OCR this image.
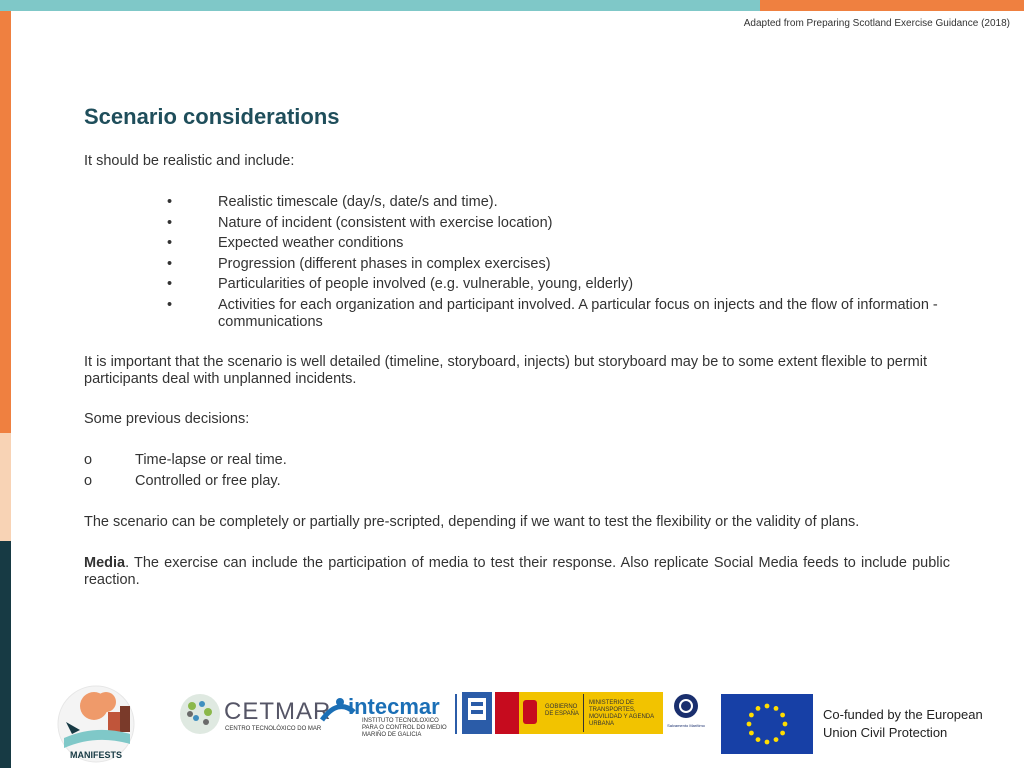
Adapted from Preparing Scotland Exercise Guidance (2018)
Scenario considerations

It should be realistic and include:

•	Realistic timescale (day/s, date/s and time).
•	Nature of incident (consistent with exercise location)
•	Expected weather conditions
•	Progression (different phases in complex exercises)
•	Particularities of people involved (e.g. vulnerable, young, elderly)
•	Activities for each organization and participant involved. A particular focus on injects and the flow of information -communications

It is important that the scenario is well detailed (timeline, storyboard, injects) but storyboard may be to some extent flexible to permit participants deal with unplanned incidents.

Some previous decisions:

o	Time-lapse or real time.
o	Controlled or free play.

The scenario can be completely or partially pre-scripted, depending if we want to test the flexibility or the validity of plans.

Media. The exercise can include the participation of media to test their response. Also replicate Social Media feeds to include public reaction.

MANIFESTS
CETMAR
CENTRO TECNOLÓXICO DO MAR
intecmar
INSTITUTO TECNOLOXICO PARA O CONTROL DO MEDIO MARIÑO DE GALICIA
GOBIERNO DE ESPAÑA
MINISTERIO DE TRANSPORTES, MOVILIDAD Y AGENDA URBANA	Salvamento Marítimo
Co-funded by the European
Union Civil Protection
